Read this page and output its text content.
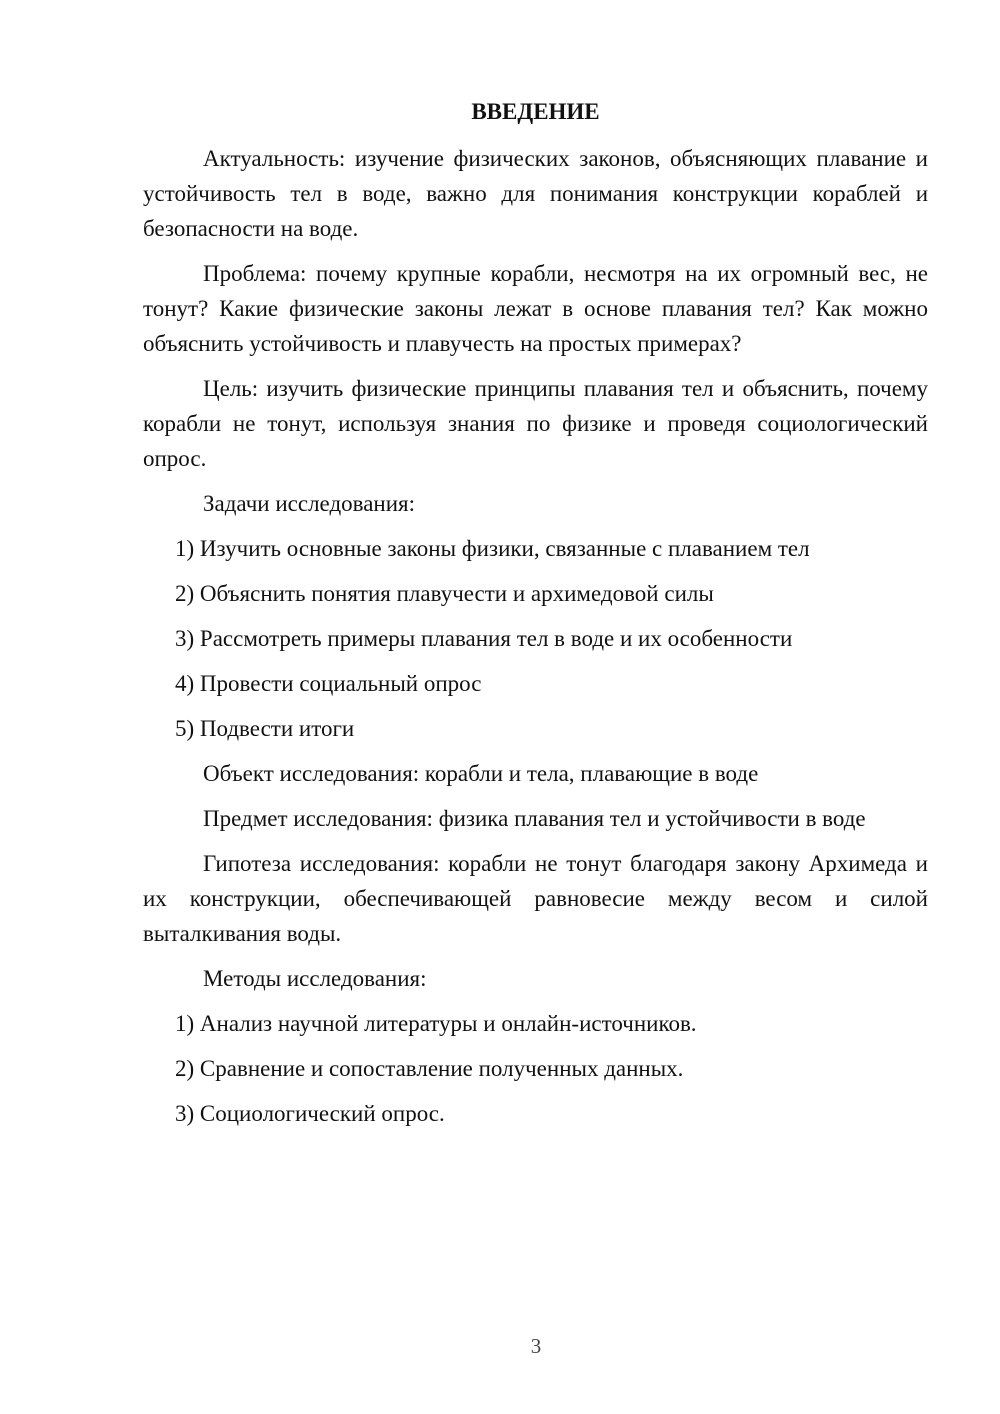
ВВЕДЕНИЕ

Актуальность: изучение физических законов, объясняющих плавание и устойчивость тел в воде, важно для понимания конструкции кораблей и безопасности на воде.

Проблема: почему крупные корабли, несмотря на их огромный вес, не тонут? Какие физические законы лежат в основе плавания тел? Как можно объяснить устойчивость и плавучесть на простых примерах?

Цель: изучить физические принципы плавания тел и объяснить, почему корабли не тонут, используя знания по физике и проведя социологический опрос.

Задачи исследования:

1) Изучить основные законы физики, связанные с плаванием тел
2) Объяснить понятия плавучести и архимедовой силы
3) Рассмотреть примеры плавания тел в воде и их особенности
4) Провести социальный опрос
5) Подвести итоги

Объект исследования: корабли и тела, плавающие в воде

Предмет исследования: физика плавания тел и устойчивости в воде

Гипотеза исследования: корабли не тонут благодаря закону Архимеда и их конструкции, обеспечивающей равновесие между весом и силой выталкивания воды.

Методы исследования:

1) Анализ научной литературы и онлайн-источников.
2) Сравнение и сопоставление полученных данных.
3) Социологический опрос.
3
